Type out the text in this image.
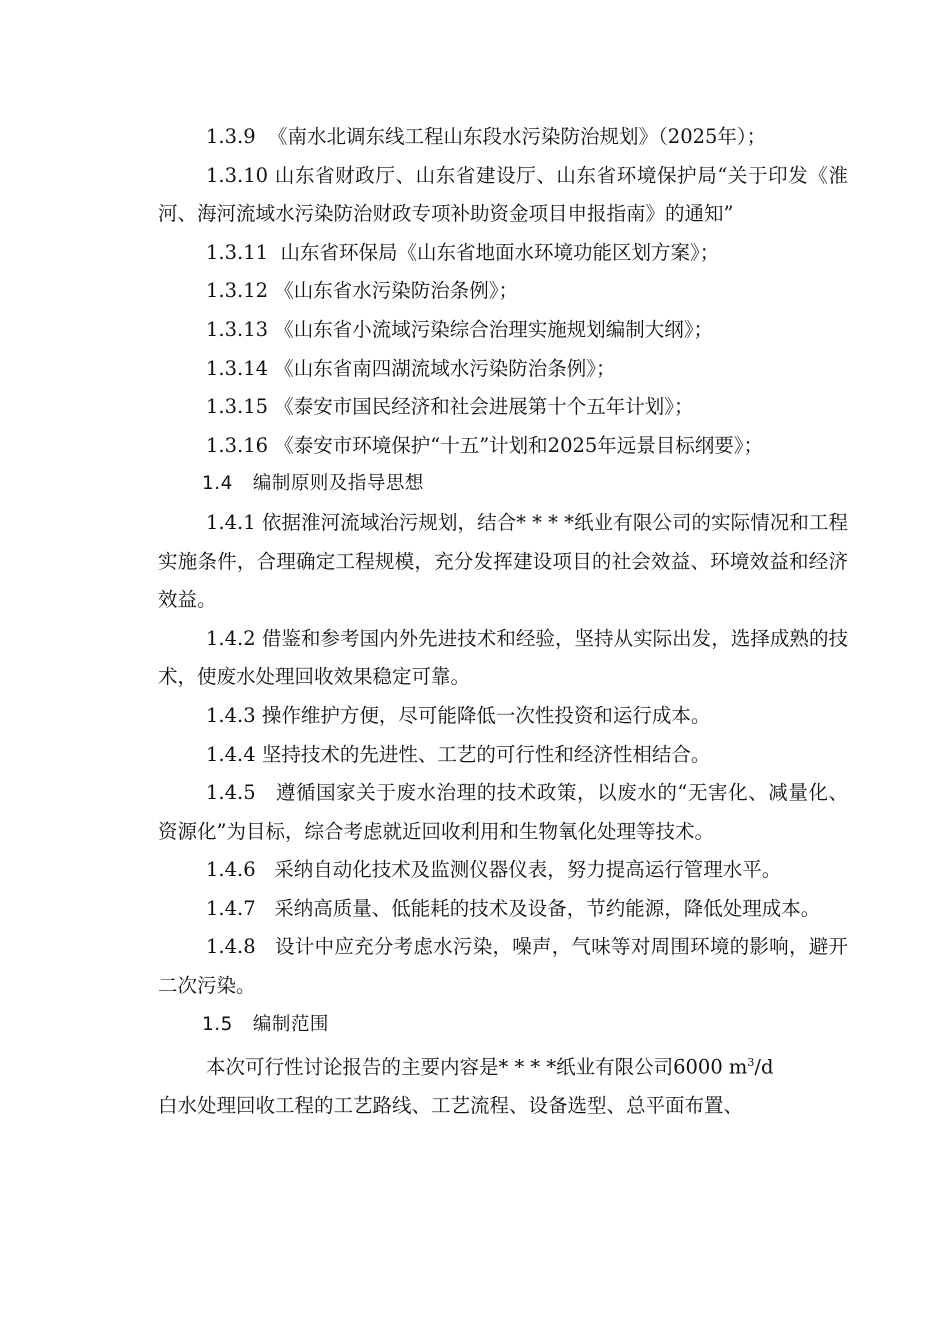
1.3.9 《南水北调东线工程山东段水污染防治规划》（2025年）；

1.3.10 山东省财政厅、山东省建设厅、山东省环境保护局“关于印发《淮河、海河流域水污染防治财政专项补助资金项目申报指南》的通知”

1.3.11 山东省环保局《山东省地面水环境功能区划方案》；

1.3.12 《山东省水污染防治条例》；

1.3.13 《山东省小流域污染综合治理实施规划编制大纲》；

1.3.14 《山东省南四湖流域水污染防治条例》；

1.3.15 《泰安市国民经济和社会进展第十个五年计划》；

1.3.16 《泰安市环境保护“十五”计划和2025年远景目标纲要》；

1.4 编制原则及指导思想

1.4.1 依据淮河流域治污规划，结合* * * *纸业有限公司的实际情况和工程实施条件，合理确定工程规模，充分发挥建设项目的社会效益、环境效益和经济效益。

1.4.2 借鉴和参考国内外先进技术和经验，坚持从实际出发，选择成熟的技术，使废水处理回收效果稳定可靠。

1.4.3 操作维护方便，尽可能降低一次性投资和运行成本。

1.4.4 坚持技术的先进性、工艺的可行性和经济性相结合。

1.4.5 遵循国家关于废水治理的技术政策，以废水的“无害化、减量化、资源化”为目标，综合考虑就近回收利用和生物氧化处理等技术。

1.4.6 采纳自动化技术及监测仪器仪表，努力提高运行管理水平。

1.4.7 采纳高质量、低能耗的技术及设备，节约能源，降低处理成本。

1.4.8 设计中应充分考虑水污染，噪声，气味等对周围环境的影响，避开二次污染。

1.5 编制范围

本次可行性讨论报告的主要内容是* * * *纸业有限公司6000 $m^3/d$

白水处理回收工程的工艺路线、工艺流程、设备选型、总平面布置、
